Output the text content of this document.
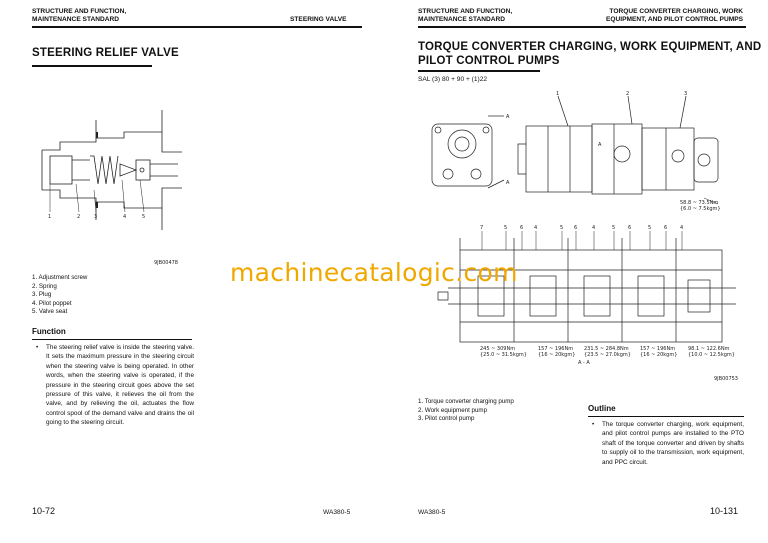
STRUCTURE AND FUNCTION,
MAINTENANCE STANDARD	STEERING VALVE
STEERING RELIEF VALVE
1	2	3	4	5
9JB00478
1. Adjustment screw
2. Spring
3. Plug
4. Pilot poppet
5. Valve seat
Function
• The steering relief valve is inside the steering valve. It sets the maximum pressure in the steering circuit when the steering valve is being operated. In other words, when the steering valve is operated, if the pressure in the steering circuit goes above the set pressure of this valve, it relieves the oil from the valve, and by relieving the oil, actuates the flow control spool of the demand valve and drains the oil going to the steering circuit.
10-72	WA380-5
STRUCTURE AND FUNCTION,
MAINTENANCE STANDARD
TORQUE CONVERTER CHARGING, WORK
EQUIPMENT, AND PILOT CONTROL PUMPS
TORQUE CONVERTER CHARGING, WORK EQUIPMENT, AND
PILOT CONTROL PUMPS
SAL (3) 80 + 90 + (1)22
1	2	3
A
A
A
58.8 ~ 73.5Nm
{6.0 ~ 7.5kgm}
7	5	6 4	5 6	4	5	6	5	6	4
245 ~ 309Nm
{25.0 ~ 31.5kgm}
157 ~ 196Nm
{16 ~ 20kgm}
231.5 ~ 284.8Nm
{23.5 ~ 27.0kgm}
157 ~ 196Nm
{16 ~ 20kgm}
98.1 ~ 122.6Nm
{10.0 ~ 12.5kgm}
A - A
9JB00753
1. Torque converter charging pump
2. Work equipment pump
3. Pilot control pump
Outline
• The torque converter charging, work equipment, and pilot control pumps are installed to the PTO shaft of the torque converter and driven by shafts to supply oil to the transmission, work equipment, and PPC circuit.
WA380-5	10-131
machinecatalogic.com
